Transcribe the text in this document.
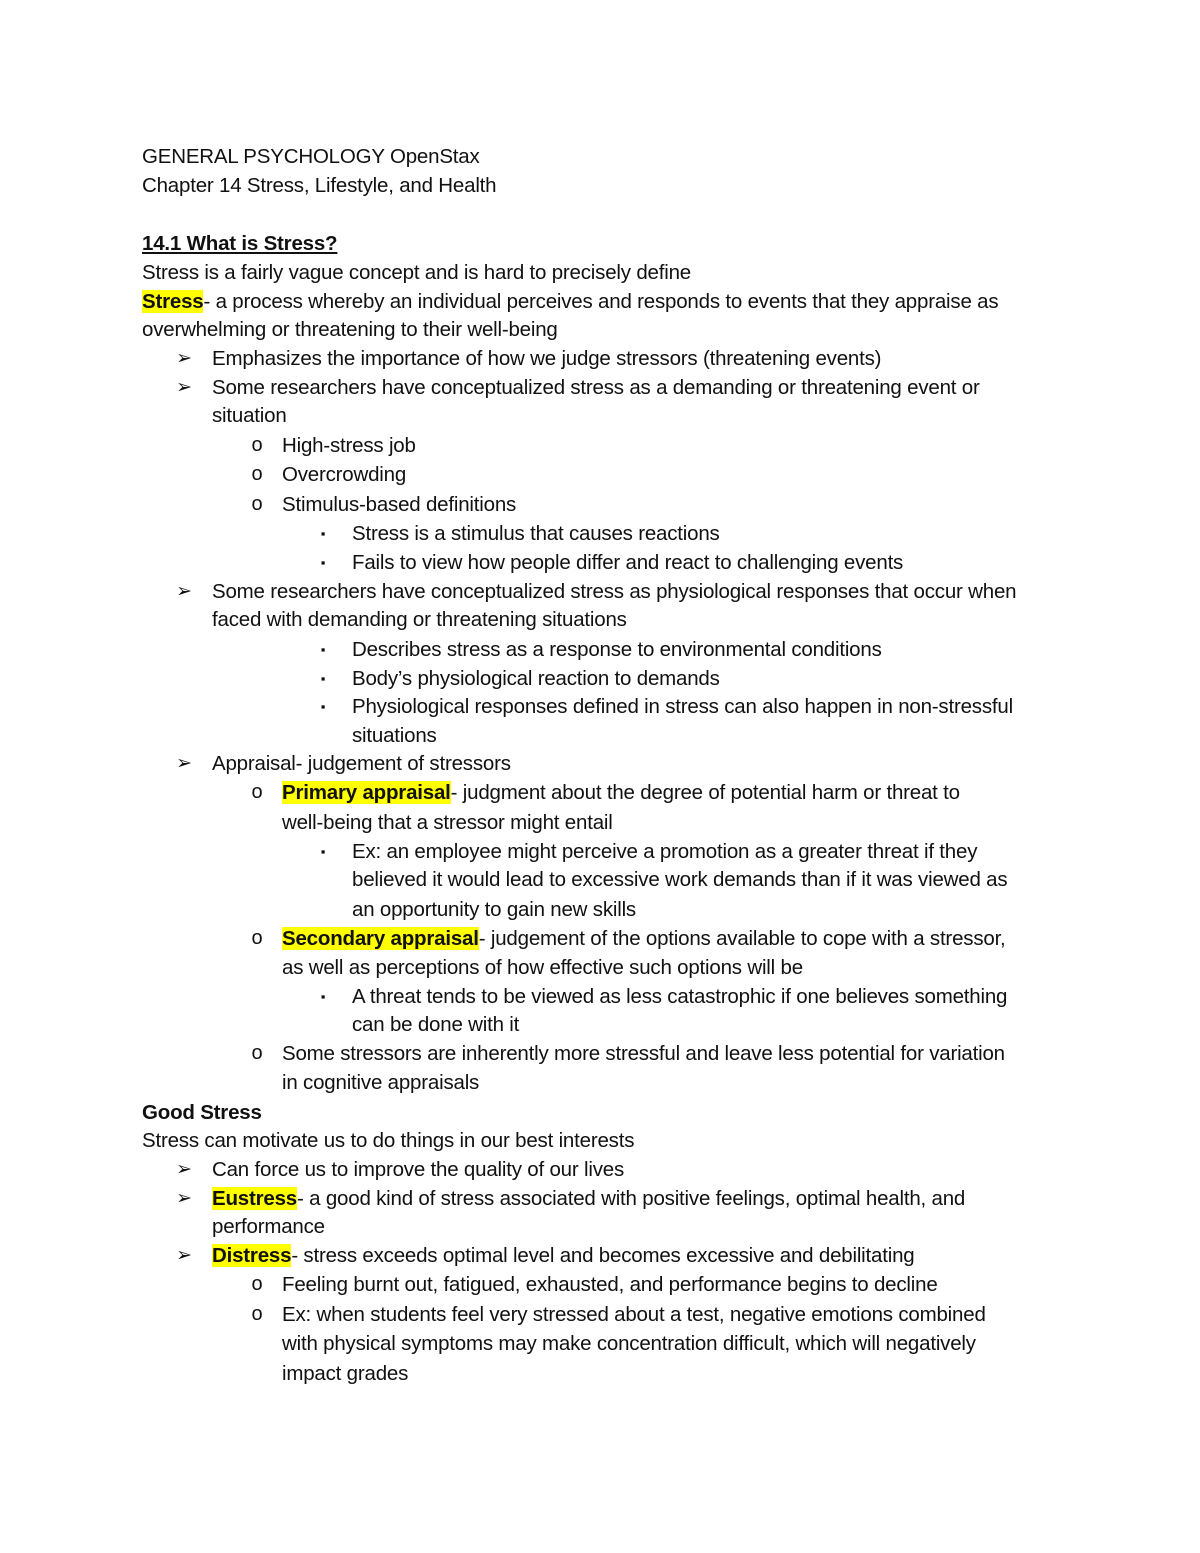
GENERAL PSYCHOLOGY OpenStax
Chapter 14 Stress, Lifestyle, and Health
14.1 What is Stress?
Stress is a fairly vague concept and is hard to precisely define
Stress- a process whereby an individual perceives and responds to events that they appraise as
overwhelming or threatening to their well-being
➢ Emphasizes the importance of how we judge stressors (threatening events)
➢ Some researchers have conceptualized stress as a demanding or threatening event or
situation
o High-stress job
o Overcrowding
o Stimulus-based definitions
▪ Stress is a stimulus that causes reactions
▪ Fails to view how people differ and react to challenging events
➢ Some researchers have conceptualized stress as physiological responses that occur when
faced with demanding or threatening situations
▪ Describes stress as a response to environmental conditions
▪ Body’s physiological reaction to demands
▪ Physiological responses defined in stress can also happen in non-stressful
situations
➢ Appraisal- judgement of stressors
o Primary appraisal- judgment about the degree of potential harm or threat to
well-being that a stressor might entail
▪ Ex: an employee might perceive a promotion as a greater threat if they
believed it would lead to excessive work demands than if it was viewed as
an opportunity to gain new skills
o Secondary appraisal- judgement of the options available to cope with a stressor,
as well as perceptions of how effective such options will be
▪ A threat tends to be viewed as less catastrophic if one believes something
can be done with it
o Some stressors are inherently more stressful and leave less potential for variation
in cognitive appraisals
Good Stress
Stress can motivate us to do things in our best interests
➢ Can force us to improve the quality of our lives
➢ Eustress- a good kind of stress associated with positive feelings, optimal health, and
performance
➢ Distress- stress exceeds optimal level and becomes excessive and debilitating
o Feeling burnt out, fatigued, exhausted, and performance begins to decline
o Ex: when students feel very stressed about a test, negative emotions combined
with physical symptoms may make concentration difficult, which will negatively
impact grades
